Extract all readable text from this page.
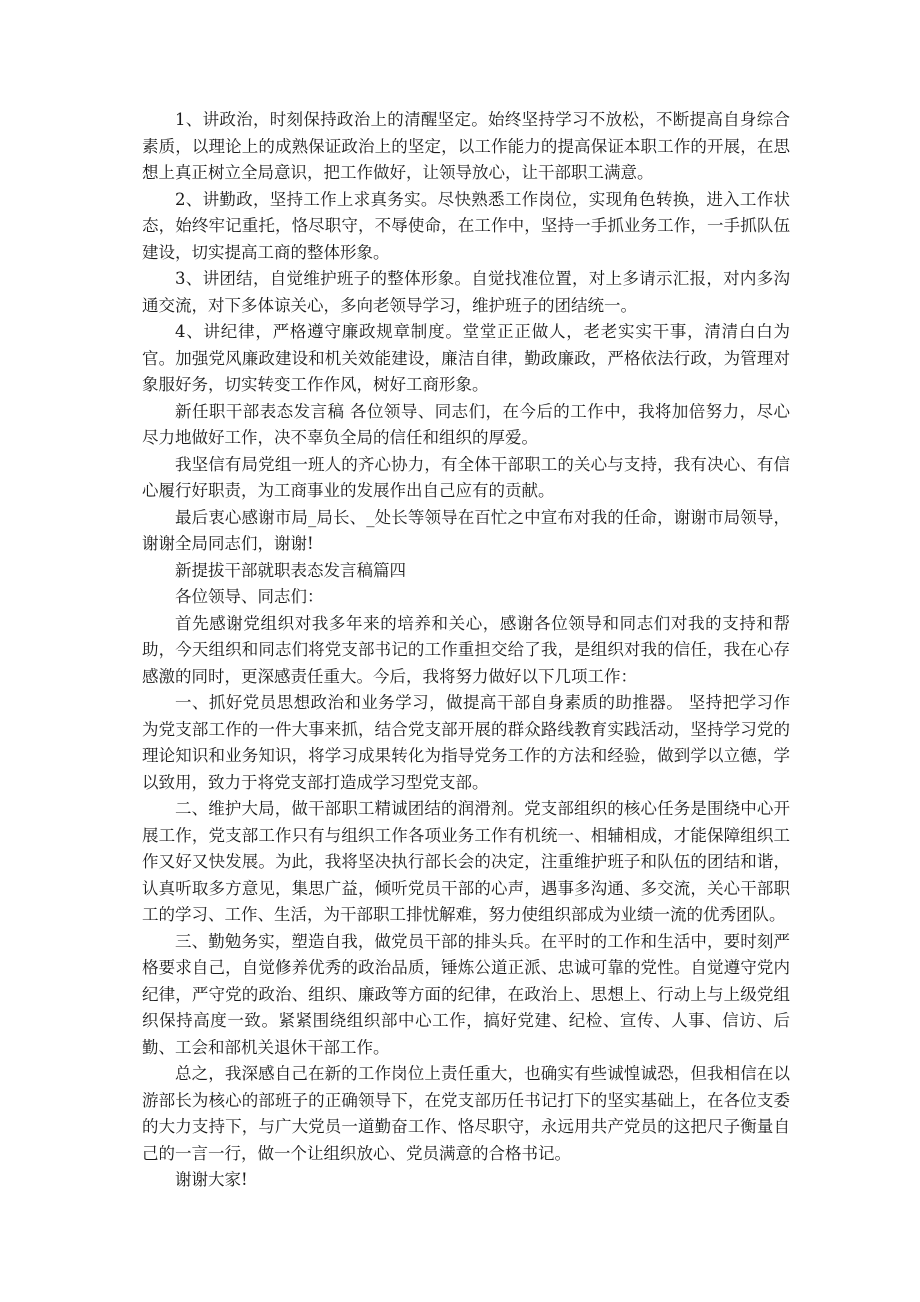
1、讲政治，时刻保持政治上的清醒坚定。始终坚持学习不放松，不断提高自身综合素质，以理论上的成熟保证政治上的坚定，以工作能力的提高保证本职工作的开展，在思想上真正树立全局意识，把工作做好，让领导放心，让干部职工满意。

2、讲勤政，坚持工作上求真务实。尽快熟悉工作岗位，实现角色转换，进入工作状态，始终牢记重托，恪尽职守，不辱使命，在工作中，坚持一手抓业务工作，一手抓队伍建设，切实提高工商的整体形象。

3、讲团结，自觉维护班子的整体形象。自觉找准位置，对上多请示汇报，对内多沟通交流，对下多体谅关心，多向老领导学习，维护班子的团结统一。

4、讲纪律，严格遵守廉政规章制度。堂堂正正做人，老老实实干事，清清白白为官。加强党风廉政建设和机关效能建设，廉洁自律，勤政廉政，严格依法行政，为管理对象服好务，切实转变工作作风，树好工商形象。

新任职干部表态发言稿 各位领导、同志们，在今后的工作中，我将加倍努力，尽心尽力地做好工作，决不辜负全局的信任和组织的厚爱。

我坚信有局党组一班人的齐心协力，有全体干部职工的关心与支持，我有决心、有信心履行好职责，为工商事业的发展作出自己应有的贡献。

最后衷心感谢市局_局长、_处长等领导在百忙之中宣布对我的任命，谢谢市局领导，谢谢全局同志们，谢谢!

新提拔干部就职表态发言稿篇四

各位领导、同志们：

首先感谢党组织对我多年来的培养和关心，感谢各位领导和同志们对我的支持和帮助，今天组织和同志们将党支部书记的工作重担交给了我，是组织对我的信任，我在心存感激的同时，更深感责任重大。今后，我将努力做好以下几项工作：

一、抓好党员思想政治和业务学习，做提高干部自身素质的助推器。 坚持把学习作为党支部工作的一件大事来抓，结合党支部开展的群众路线教育实践活动，坚持学习党的理论知识和业务知识，将学习成果转化为指导党务工作的方法和经验，做到学以立德，学以致用，致力于将党支部打造成学习型党支部。

二、维护大局，做干部职工精诚团结的润滑剂。党支部组织的核心任务是围绕中心开展工作，党支部工作只有与组织工作各项业务工作有机统一、相辅相成，才能保障组织工作又好又快发展。为此，我将坚决执行部长会的决定，注重维护班子和队伍的团结和谐，认真听取多方意见，集思广益，倾听党员干部的心声，遇事多沟通、多交流，关心干部职工的学习、工作、生活，为干部职工排忧解难，努力使组织部成为业绩一流的优秀团队。

三、勤勉务实，塑造自我，做党员干部的排头兵。在平时的工作和生活中，要时刻严格要求自己，自觉修养优秀的政治品质，锤炼公道正派、忠诚可靠的党性。自觉遵守党内纪律，严守党的政治、组织、廉政等方面的纪律，在政治上、思想上、行动上与上级党组织保持高度一致。紧紧围绕组织部中心工作，搞好党建、纪检、宣传、人事、信访、后勤、工会和部机关退休干部工作。

总之，我深感自己在新的工作岗位上责任重大，也确实有些诚惶诚恐，但我相信在以游部长为核心的部班子的正确领导下，在党支部历任书记打下的坚实基础上，在各位支委的大力支持下，与广大党员一道勤奋工作、恪尽职守，永远用共产党员的这把尺子衡量自己的一言一行，做一个让组织放心、党员满意的合格书记。

谢谢大家!
